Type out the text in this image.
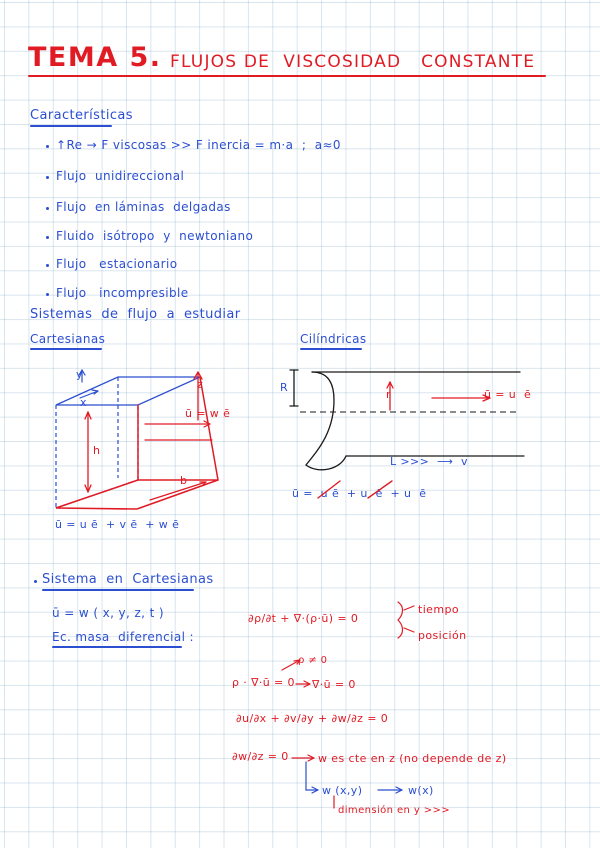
TEMA 5. FLUJOS DE  VISCOSIDAD   CONSTANTE
Características
↑Re → F viscosas >> F inercia = m·a  ;  a≈0
Flujo  unidireccional
Flujo  en láminas  delgadas
Fluido  isótropo  y  newtoniano
Flujo   estacionario
Flujo   incompresible
Sistemas  de  flujo  a  estudiar
Cartesianas	Cilíndricas
y
z
x
h
b
ū = w ē
ū = u ē  + v ē  + w ē
R
r	ū = u  ē
L >>>  ⟶  v
ū =  u ē  + u  ē  + u  ē
Sistema  en  Cartesianas
ū = w ( x, y, z, t )
Ec. masa  diferencial :
∂ρ/∂t + ∇·(ρ·ū) = 0
tiempo
posición
ρ ≠ 0
ρ · ∇·ū = 0 ∇·ū = 0
∂u/∂x + ∂v/∂y + ∂w/∂z = 0
∂w/∂z = 0	w es cte en z (no depende de z)
w (x,y)	w(x)
dimensión en y >>>
